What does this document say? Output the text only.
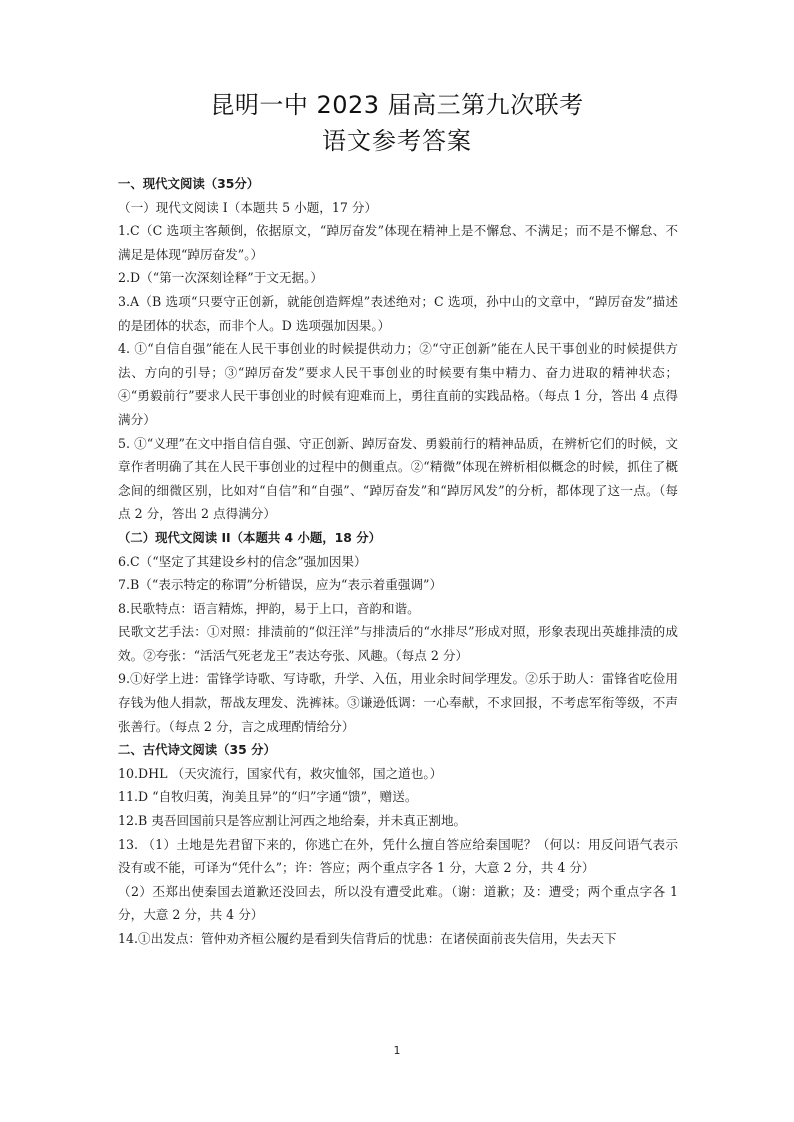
昆明一中 2023 届高三第九次联考
语文参考答案

一、现代文阅读（35分）

（一）现代文阅读 I（本题共 5 小题，17 分）

1.C（C 选项主客颠倒，依据原文，“踔厉奋发”体现在精神上是不懈怠、不满足；而不是不懈怠、不满足是体现“踔厉奋发”。）

2.D（“第一次深刻诠释”于文无据。）

3.A（B 选项“只要守正创新，就能创造辉煌”表述绝对；C 选项，孙中山的文章中，“踔厉奋发”描述的是团体的状态，而非个人。D 选项强加因果。）

4. ①“自信自强”能在人民干事创业的时候提供动力；②“守正创新”能在人民干事创业的时候提供方法、方向的引导；③“踔厉奋发”要求人民干事创业的时候要有集中精力、奋力进取的精神状态；④“勇毅前行”要求人民干事创业的时候有迎难而上，勇往直前的实践品格。（每点 1 分，答出 4 点得满分）

5. ①“义理”在文中指自信自强、守正创新、踔厉奋发、勇毅前行的精神品质，在辨析它们的时候，文章作者明确了其在人民干事创业的过程中的侧重点。②“精微”体现在辨析相似概念的时候，抓住了概念间的细微区别，比如对“自信”和“自强”、“踔厉奋发”和“踔厉风发”的分析，都体现了这一点。（每点 2 分，答出 2 点得满分）

（二）现代文阅读 II（本题共 4 小题，18 分）

6.C（“坚定了其建设乡村的信念”强加因果）

7.B（“表示特定的称谓”分析错误，应为“表示着重强调”）

8.民歌特点：语言精炼，押韵，易于上口，音韵和谐。

民歌文艺手法：①对照：排渍前的“似汪洋”与排渍后的“水排尽”形成对照，形象表现出英雄排渍的成效。②夸张：“活活气死老龙王”表达夸张、风趣。（每点 2 分）

9.①好学上进：雷锋学诗歌、写诗歌，升学、入伍，用业余时间学理发。②乐于助人：雷锋省吃俭用存钱为他人捐款，帮战友理发、洗裤袜。③谦逊低调：一心奉献，不求回报，不考虑军衔等级，不声张善行。（每点 2 分，言之成理酌情给分）

二、古代诗文阅读（35 分）

10.DHL （天灾流行，国家代有，救灾恤邻，国之道也。）

11.D “自牧归荑，洵美且异”的“归”字通“馈”，赠送。

12.B 夷吾回国前只是答应割让河西之地给秦，并未真正割地。

13. （1）土地是先君留下来的，你逃亡在外，凭什么擅自答应给秦国呢？（何以：用反问语气表示没有或不能，可译为“凭什么”；许：答应；两个重点字各 1 分，大意 2 分，共 4 分）

（2）丕郑出使秦国去道歉还没回去，所以没有遭受此难。（谢：道歉；及：遭受；两个重点字各 1 分，大意 2 分，共 4 分）

14.①出发点：管仲劝齐桓公履约是看到失信背后的忧患：在诸侯面前丧失信用，失去天下

1
